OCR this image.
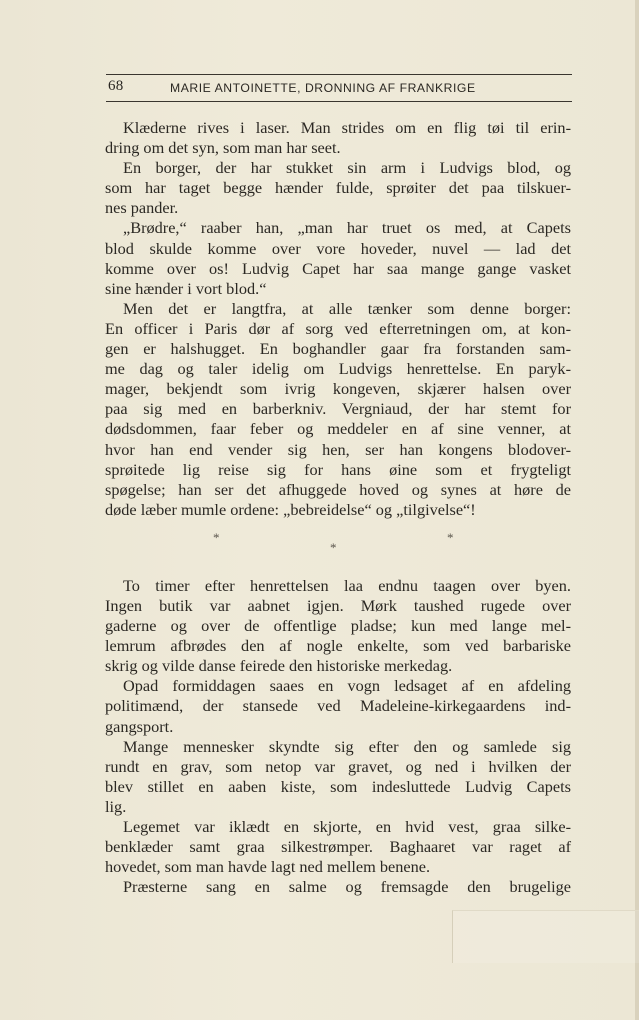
68	MARIE ANTOINETTE, DRONNING AF FRANKRIGE
Klæderne rives i laser. Man strides om en flig tøi til erin-
dring om det syn, som man har seet.
En borger, der har stukket sin arm i Ludvigs blod, og
som har taget begge hænder fulde, sprøiter det paa tilskuer-
nes pander.
„Brødre,“ raaber han, „man har truet os med, at Capets
blod skulde komme over vore hoveder, nuvel — lad det
komme over os! Ludvig Capet har saa mange gange vasket
sine hænder i vort blod.“
Men det er langtfra, at alle tænker som denne borger:
En officer i Paris dør af sorg ved efterretningen om, at kon-
gen er halshugget. En boghandler gaar fra forstanden sam-
me dag og taler idelig om Ludvigs henrettelse. En paryk-
mager, bekjendt som ivrig kongeven, skjærer halsen over
paa sig med en barberkniv. Vergniaud, der har stemt for
dødsdommen, faar feber og meddeler en af sine venner, at
hvor han end vender sig hen, ser han kongens blodover-
sprøitede lig reise sig for hans øine som et frygteligt
spøgelse; han ser det afhuggede hoved og synes at høre de
døde læber mumle ordene: „bebreidelse“ og „tilgivelse“!
*	*
*
To timer efter henrettelsen laa endnu taagen over byen.
Ingen butik var aabnet igjen. Mørk taushed rugede over
gaderne og over de offentlige pladse; kun med lange mel-
lemrum afbrødes den af nogle enkelte, som ved barbariske
skrig og vilde danse feirede den historiske merkedag.
Opad formiddagen saaes en vogn ledsaget af en afdeling
politimænd, der stansede ved Madeleine-kirkegaardens ind-
gangsport.
Mange mennesker skyndte sig efter den og samlede sig
rundt en grav, som netop var gravet, og ned i hvilken der
blev stillet en aaben kiste, som indesluttede Ludvig Capets
lig.
Legemet var iklædt en skjorte, en hvid vest, graa silke-
benklæder samt graa silkestrømper. Baghaaret var raget af
hovedet, som man havde lagt ned mellem benene.
Præsterne sang en salme og fremsagde den brugelige
